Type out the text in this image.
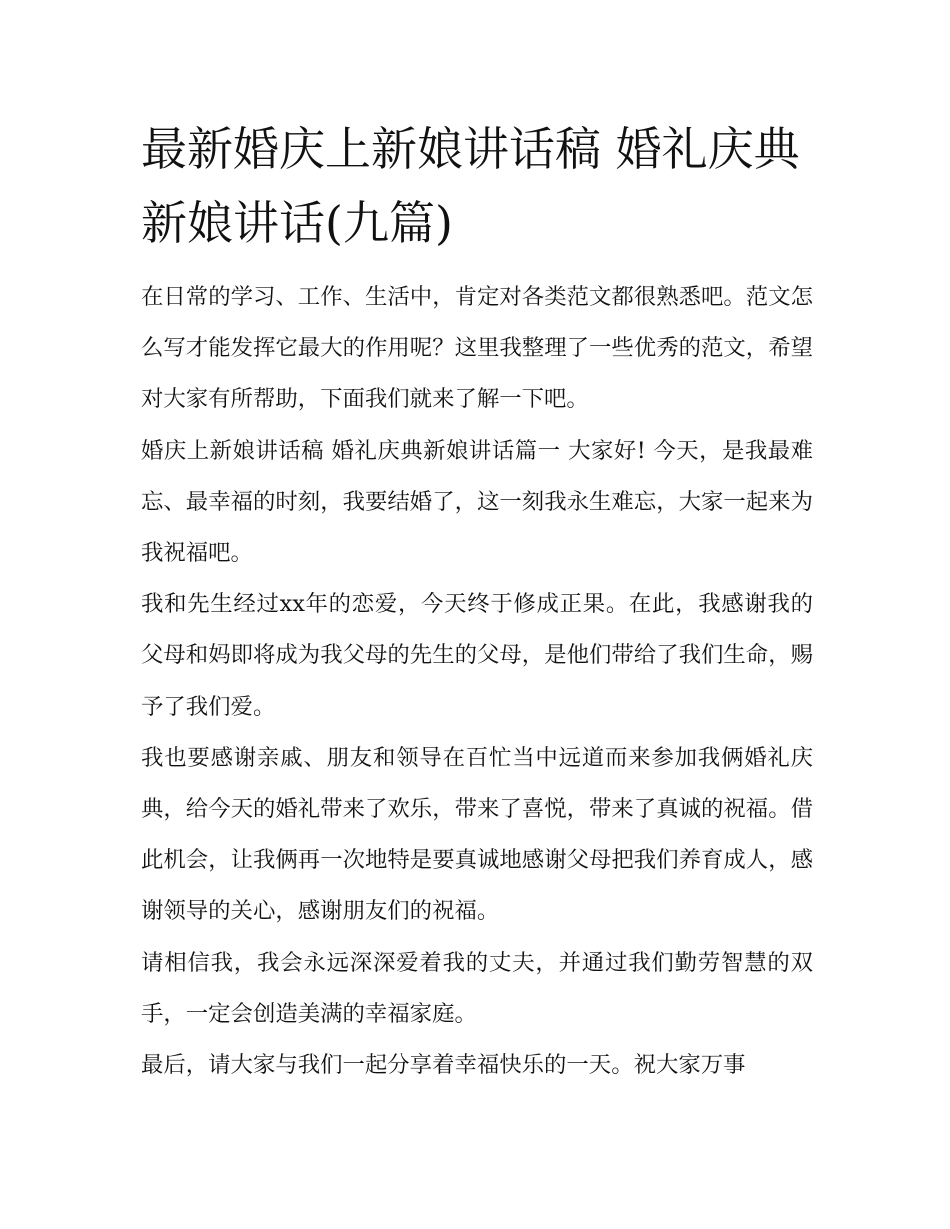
最新婚庆上新娘讲话稿 婚礼庆典新娘讲话(九篇)

在日常的学习、工作、生活中，肯定对各类范文都很熟悉吧。范文怎么写才能发挥它最大的作用呢？这里我整理了一些优秀的范文，希望对大家有所帮助，下面我们就来了解一下吧。

婚庆上新娘讲话稿 婚礼庆典新娘讲话篇一 大家好! 今天，是我最难忘、最幸福的时刻，我要结婚了，这一刻我永生难忘，大家一起来为我祝福吧。

我和先生经过xx年的恋爱，今天终于修成正果。在此，我感谢我的父母和妈即将成为我父母的先生的父母，是他们带给了我们生命，赐予了我们爱。

我也要感谢亲戚、朋友和领导在百忙当中远道而来参加我俩婚礼庆典，给今天的婚礼带来了欢乐，带来了喜悦，带来了真诚的祝福。借此机会，让我俩再一次地特是要真诚地感谢父母把我们养育成人，感谢领导的关心，感谢朋友们的祝福。

请相信我，我会永远深深爱着我的丈夫，并通过我们勤劳智慧的双手，一定会创造美满的幸福家庭。

最后，请大家与我们一起分享着幸福快乐的一天。祝大家万事
